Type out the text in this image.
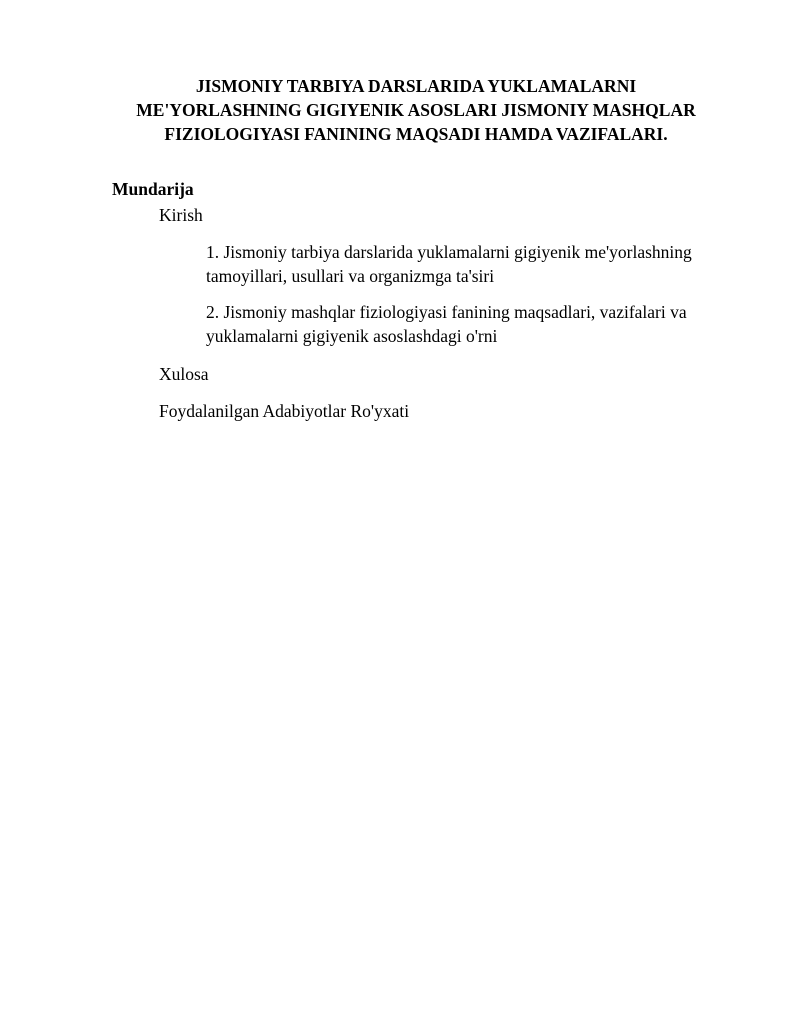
JISMONIY TARBIYA DARSLARIDA YUKLAMALARNI
ME'YORLASHNING GIGIYENIK ASOSLARI JISMONIY MASHQLAR
FIZIOLOGIYASI FANINING MAQSADI HAMDA VAZIFALARI.
Mundarija

Kirish

1. Jismoniy tarbiya darslarida yuklamalarni gigiyenik me'yorlashning
tamoyillari, usullari va organizmga ta'siri

2. Jismoniy mashqlar fiziologiyasi fanining maqsadlari, vazifalari va
yuklamalarni gigiyenik asoslashdagi o'rni

Xulosa

Foydalanilgan Adabiyotlar Ro'yxati
